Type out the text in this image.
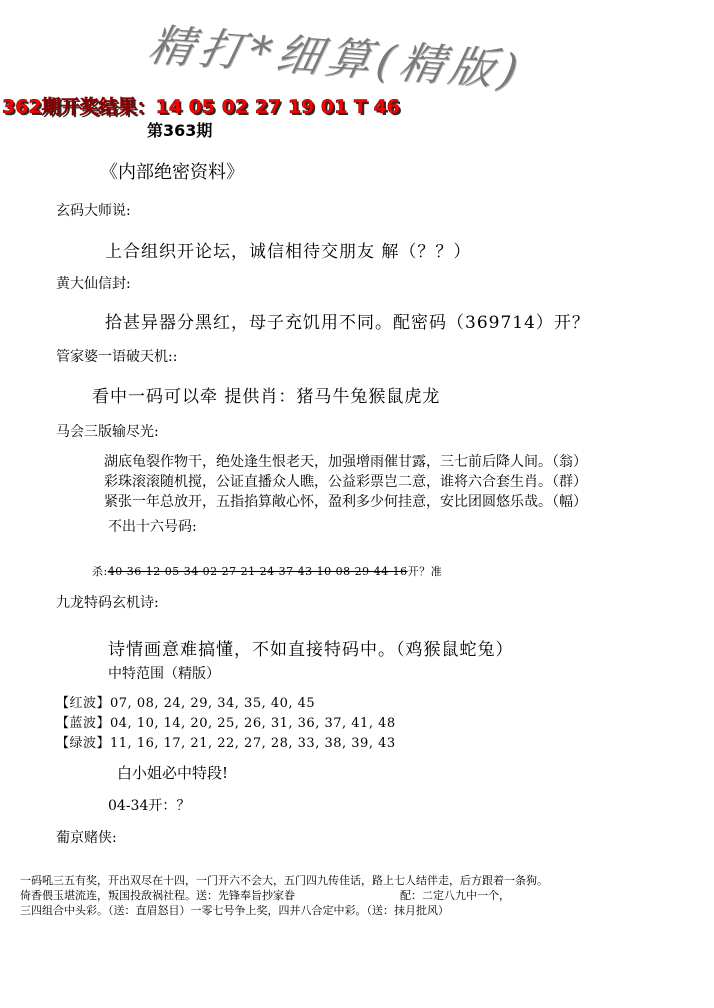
精打*细算(精版)
362期开奖结果：14 05 02 27 19 01 T 46
第363期
《内部绝密资料》
玄码大师说:
上合组织开论坛，诚信相待交朋友 解（？？）
黄大仙信封:
拾甚异器分黑红，母子充饥用不同。配密码（369714）开？
管家婆一语破天机::
看中一码可以牵 提供肖：猪马牛兔猴鼠虎龙
马会三版输尽光:
湖底龟裂作物干，绝处逢生恨老天，加强增雨催甘露，三七前后降人间。（翁）
彩珠滚滚随机搅，公证直播众人瞧，公益彩票岂二意，谁将六合套生肖。（群）
紧张一年总放开，五指掐算敞心怀，盈利多少何挂意，安比团圆悠乐哉。（幅）
不出十六号码:
杀:40 36 12 05 34 02 27 21 24 37 43 10 08 29 44 16开？准
九龙特码玄机诗:
诗情画意难搞懂，不如直接特码中。（鸡猴鼠蛇兔）
中特范围（精版）
【红波】07, 08, 24, 29, 34, 35, 40, 45
【蓝波】04, 10, 14, 20, 25, 26, 31, 36, 37, 41, 48
【绿波】11, 16, 17, 21, 22, 27, 28, 33, 38, 39, 43
白小姐必中特段!
04-34开：？
葡京赌侠:
一码吼三五有奖，开出双尽在十四，一门开六不会大，五门四九传佳话，路上七人结伴走，后方跟着一条狗。
倚香偎玉堪流连，叛国投敌祸社程。送：先锋奉旨抄家眷	配：二定八九中一个，
三四组合中头彩。（送：直眉怒目）一零七号争上奖，四并八合定中彩。（送：抹月批风）
